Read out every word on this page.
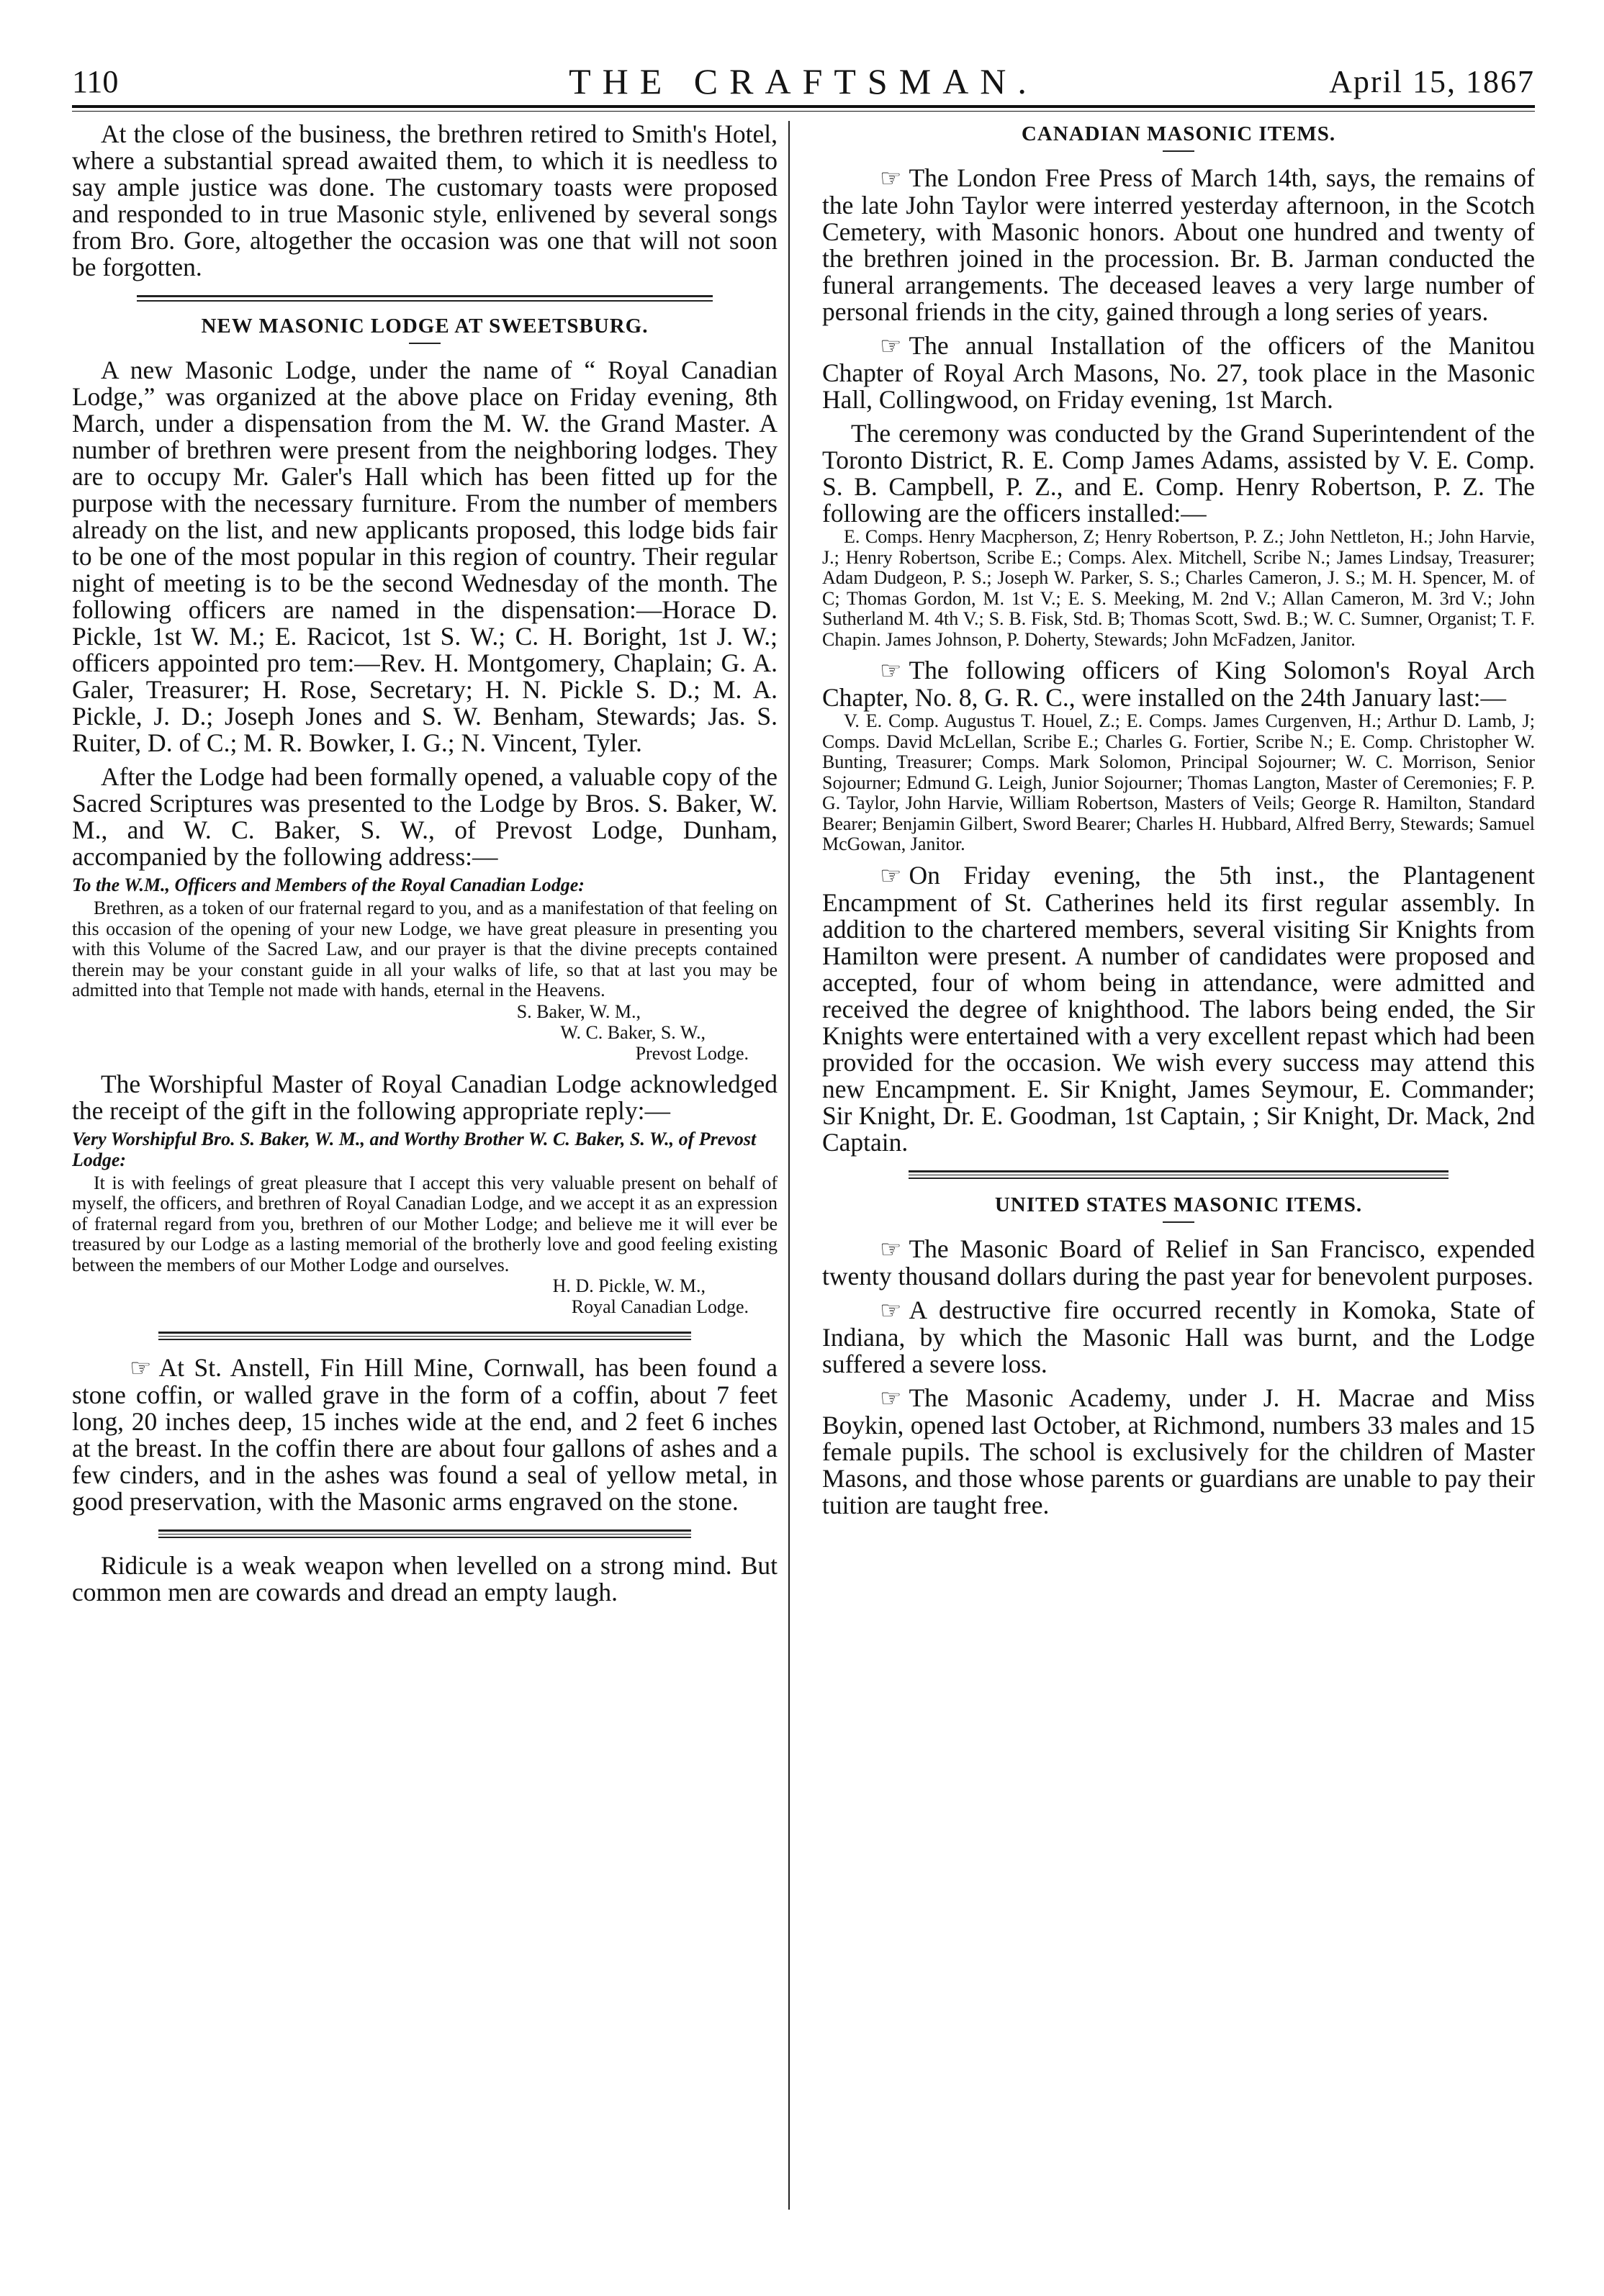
110	THE CRAFTSMAN.	April 15, 1867

At the close of the business, the brethren retired to Smith's Hotel, where a substantial spread awaited them, to which it is needless to say ample justice was done. The customary toasts were proposed and responded to in true Masonic style, enlivened by several songs from Bro. Gore, altogether the occasion was one that will not soon be forgotten.

NEW MASONIC LODGE AT SWEETSBURG.

A new Masonic Lodge, under the name of “ Royal Canadian Lodge,” was organized at the above place on Friday evening, 8th March, under a dispensation from the M. W. the Grand Master. A number of brethren were present from the neighboring lodges. They are to occupy Mr. Galer's Hall which has been fitted up for the purpose with the necessary furniture. From the number of members already on the list, and new applicants proposed, this lodge bids fair to be one of the most popular in this region of country. Their regular night of meeting is to be the second Wednesday of the month. The following officers are named in the dispensation:—Horace D. Pickle, 1st W. M.; E. Racicot, 1st S. W.; C. H. Boright, 1st J. W.; officers appointed pro tem:—Rev. H. Montgomery, Chaplain; G. A. Galer, Treasurer; H. Rose, Secretary; H. N. Pickle S. D.; M. A. Pickle, J. D.; Joseph Jones and S. W. Benham, Stewards; Jas. S. Ruiter, D. of C.; M. R. Bowker, I. G.; N. Vincent, Tyler.

After the Lodge had been formally opened, a valuable copy of the Sacred Scriptures was presented to the Lodge by Bros. S. Baker, W. M., and W. C. Baker, S. W., of Prevost Lodge, Dunham, accompanied by the following address:—

To the W.M., Officers and Members of the Royal Canadian Lodge:

Brethren, as a token of our fraternal regard to you, and as a manifestation of that feeling on this occasion of the opening of your new Lodge, we have great pleasure in presenting you with this Volume of the Sacred Law, and our prayer is that the divine precepts contained therein may be your constant guide in all your walks of life, so that at last you may be admitted into that Temple not made with hands, eternal in the Heavens.

S. Baker, W. M.,
W. C. Baker, S. W.,
Prevost Lodge.

The Worshipful Master of Royal Canadian Lodge acknowledged the receipt of the gift in the following appropriate reply:—

Very Worshipful Bro. S. Baker, W. M., and Worthy Brother W. C. Baker, S. W., of Prevost Lodge:

It is with feelings of great pleasure that I accept this very valuable present on behalf of myself, the officers, and brethren of Royal Canadian Lodge, and we accept it as an expression of fraternal regard from you, brethren of our Mother Lodge; and believe me it will ever be treasured by our Lodge as a lasting memorial of the brotherly love and good feeling existing between the members of our Mother Lodge and ourselves.

H. D. Pickle, W. M.,
Royal Canadian Lodge.

☞ At St. Anstell, Fin Hill Mine, Cornwall, has been found a stone coffin, or walled grave in the form of a coffin, about 7 feet long, 20 inches deep, 15 inches wide at the end, and 2 feet 6 inches at the breast. In the coffin there are about four gallons of ashes and a few cinders, and in the ashes was found a seal of yellow metal, in good preservation, with the Masonic arms engraved on the stone.

Ridicule is a weak weapon when levelled on a strong mind. But common men are cowards and dread an empty laugh.

CANADIAN MASONIC ITEMS.

☞ The London Free Press of March 14th, says, the remains of the late John Taylor were interred yesterday afternoon, in the Scotch Cemetery, with Masonic honors. About one hundred and twenty of the brethren joined in the procession. Br. B. Jarman conducted the funeral arrangements. The deceased leaves a very large number of personal friends in the city, gained through a long series of years.

☞ The annual Installation of the officers of the Manitou Chapter of Royal Arch Masons, No. 27, took place in the Masonic Hall, Collingwood, on Friday evening, 1st March.

The ceremony was conducted by the Grand Superintendent of the Toronto District, R. E. Comp James Adams, assisted by V. E. Comp. S. B. Campbell, P. Z., and E. Comp. Henry Robertson, P. Z. The following are the officers installed:—

E. Comps. Henry Macpherson, Z; Henry Robertson, P. Z.; John Nettleton, H.; John Harvie, J.; Henry Robertson, Scribe E.; Comps. Alex. Mitchell, Scribe N.; James Lindsay, Treasurer; Adam Dudgeon, P. S.; Joseph W. Parker, S. S.; Charles Cameron, J. S.; M. H. Spencer, M. of C; Thomas Gordon, M. 1st V.; E. S. Meeking, M. 2nd V.; Allan Cameron, M. 3rd V.; John Sutherland M. 4th V.; S. B. Fisk, Std. B; Thomas Scott, Swd. B.; W. C. Sumner, Organist; T. F. Chapin. James Johnson, P. Doherty, Stewards; John McFadzen, Janitor.

☞ The following officers of King Solomon's Royal Arch Chapter, No. 8, G. R. C., were installed on the 24th January last:—

V. E. Comp. Augustus T. Houel, Z.; E. Comps. James Curgenven, H.; Arthur D. Lamb, J; Comps. David McLellan, Scribe E.; Charles G. Fortier, Scribe N.; E. Comp. Christopher W. Bunting, Treasurer; Comps. Mark Solomon, Principal Sojourner; W. C. Morrison, Senior Sojourner; Edmund G. Leigh, Junior Sojourner; Thomas Langton, Master of Ceremonies; F. P. G. Taylor, John Harvie, William Robertson, Masters of Veils; George R. Hamilton, Standard Bearer; Benjamin Gilbert, Sword Bearer; Charles H. Hubbard, Alfred Berry, Stewards; Samuel McGowan, Janitor.

☞ On Friday evening, the 5th inst., the Plantagenent Encampment of St. Catherines held its first regular assembly. In addition to the chartered members, several visiting Sir Knights from Hamilton were present. A number of candidates were proposed and accepted, four of whom being in attendance, were admitted and received the degree of knighthood. The labors being ended, the Sir Knights were entertained with a very excellent repast which had been provided for the occasion. We wish every success may attend this new Encampment. E. Sir Knight, James Seymour, E. Commander; Sir Knight, Dr. E. Goodman, 1st Captain, ; Sir Knight, Dr. Mack, 2nd Captain.

UNITED STATES MASONIC ITEMS.

☞ The Masonic Board of Relief in San Francisco, expended twenty thousand dollars during the past year for benevolent purposes.

☞ A destructive fire occurred recently in Komoka, State of Indiana, by which the Masonic Hall was burnt, and the Lodge suffered a severe loss.

☞ The Masonic Academy, under J. H. Macrae and Miss Boykin, opened last October, at Richmond, numbers 33 males and 15 female pupils. The school is exclusively for the children of Master Masons, and those whose parents or guardians are unable to pay their tuition are taught free.
